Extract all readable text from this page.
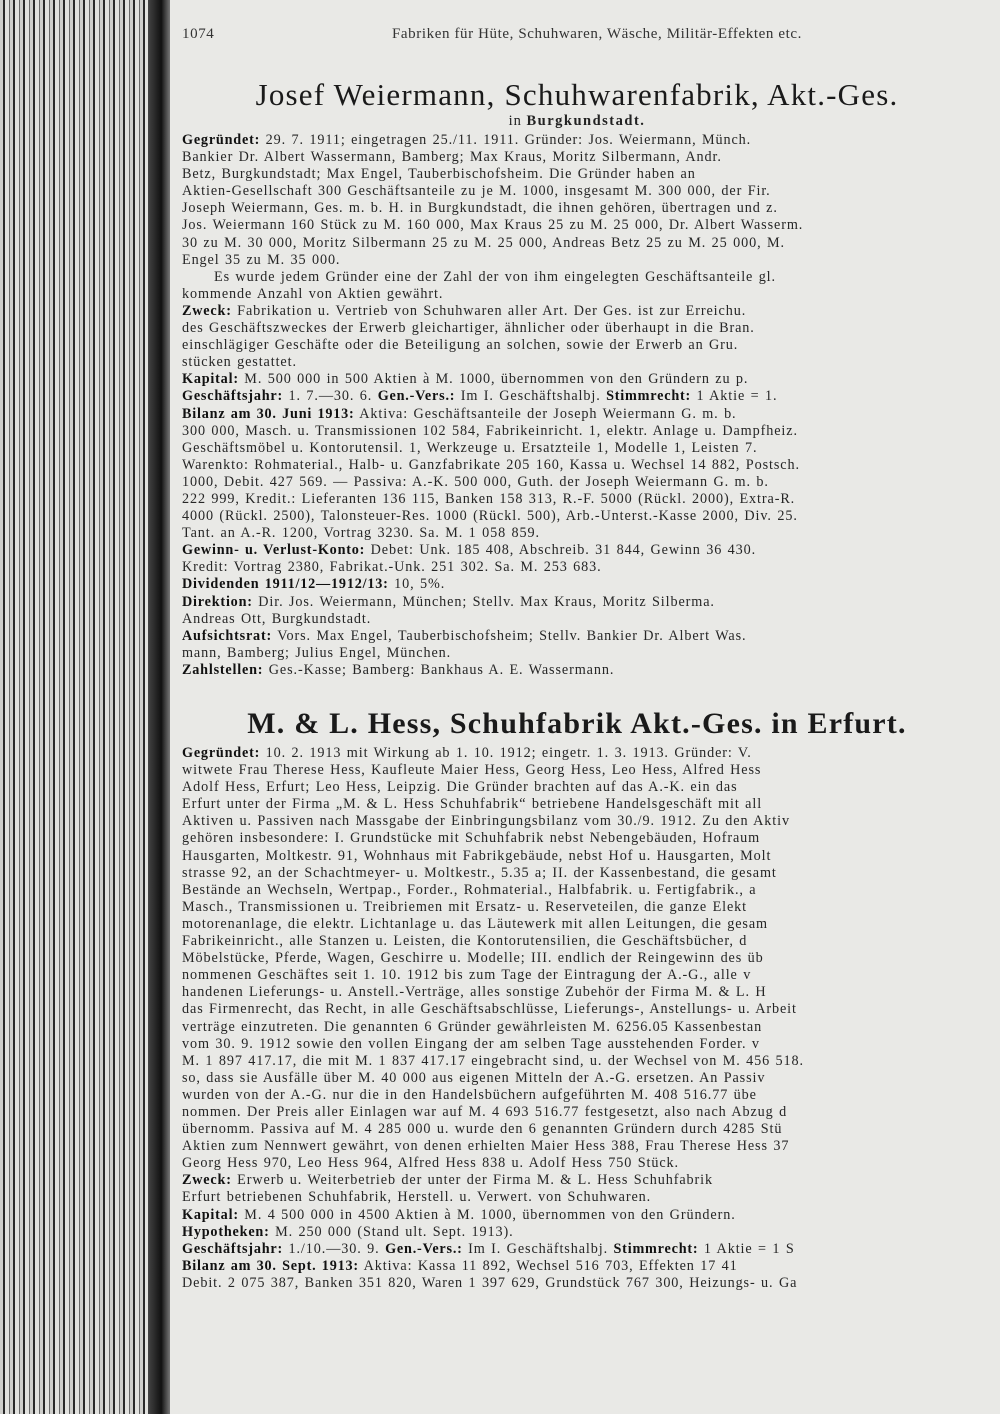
1074	Fabriken für Hüte, Schuhwaren, Wäsche, Militär-Effekten etc.
Josef Weiermann, Schuhwarenfabrik, Akt.-Ges.
in Burgkundstadt.

Gegründet: 29. 7. 1911; eingetragen 25./11. 1911. Gründer: Jos. Weiermann, Münch.

Bankier Dr. Albert Wassermann, Bamberg; Max Kraus, Moritz Silbermann, Andr.

Betz, Burgkundstadt; Max Engel, Tauberbischofsheim. Die Gründer haben an

Aktien-Gesellschaft 300 Geschäftsanteile zu je M. 1000, insgesamt M. 300 000, der Fir.

Joseph Weiermann, Ges. m. b. H. in Burgkundstadt, die ihnen gehören, übertragen und z.

Jos. Weiermann 160 Stück zu M. 160 000, Max Kraus 25 zu M. 25 000, Dr. Albert Wasserm.

30 zu M. 30 000, Moritz Silbermann 25 zu M. 25 000, Andreas Betz 25 zu M. 25 000, M.

Engel 35 zu M. 35 000.

Es wurde jedem Gründer eine der Zahl der von ihm eingelegten Geschäftsanteile gl.

kommende Anzahl von Aktien gewährt.

Zweck: Fabrikation u. Vertrieb von Schuhwaren aller Art. Der Ges. ist zur Erreichu.

des Geschäftszweckes der Erwerb gleichartiger, ähnlicher oder überhaupt in die Bran.

einschlägiger Geschäfte oder die Beteiligung an solchen, sowie der Erwerb an Gru.

stücken gestattet.

Kapital: M. 500 000 in 500 Aktien à M. 1000, übernommen von den Gründern zu p.

Geschäftsjahr: 1. 7.—30. 6. Gen.-Vers.: Im I. Geschäftshalbj. Stimmrecht: 1 Aktie = 1.

Bilanz am 30. Juni 1913: Aktiva: Geschäftsanteile der Joseph Weiermann G. m. b.

300 000, Masch. u. Transmissionen 102 584, Fabrikeinricht. 1, elektr. Anlage u. Dampfheiz.

Geschäftsmöbel u. Kontorutensil. 1, Werkzeuge u. Ersatzteile 1, Modelle 1, Leisten 7.

Warenkto: Rohmaterial., Halb- u. Ganzfabrikate 205 160, Kassa u. Wechsel 14 882, Postsch.

1000, Debit. 427 569. — Passiva: A.-K. 500 000, Guth. der Joseph Weiermann G. m. b.

222 999, Kredit.: Lieferanten 136 115, Banken 158 313, R.-F. 5000 (Rückl. 2000), Extra-R.

4000 (Rückl. 2500), Talonsteuer-Res. 1000 (Rückl. 500), Arb.-Unterst.-Kasse 2000, Div. 25.

Tant. an A.-R. 1200, Vortrag 3230. Sa. M. 1 058 859.

Gewinn- u. Verlust-Konto: Debet: Unk. 185 408, Abschreib. 31 844, Gewinn 36 430.

Kredit: Vortrag 2380, Fabrikat.-Unk. 251 302. Sa. M. 253 683.

Dividenden 1911/12—1912/13: 10, 5%.

Direktion: Dir. Jos. Weiermann, München; Stellv. Max Kraus, Moritz Silberma.

Andreas Ott, Burgkundstadt.

Aufsichtsrat: Vors. Max Engel, Tauberbischofsheim; Stellv. Bankier Dr. Albert Was.

mann, Bamberg; Julius Engel, München.

Zahlstellen: Ges.-Kasse; Bamberg: Bankhaus A. E. Wassermann.

M. & L. Hess, Schuhfabrik Akt.-Ges. in Erfurt.

Gegründet: 10. 2. 1913 mit Wirkung ab 1. 10. 1912; eingetr. 1. 3. 1913. Gründer: V.

witwete Frau Therese Hess, Kaufleute Maier Hess, Georg Hess, Leo Hess, Alfred Hess

Adolf Hess, Erfurt; Leo Hess, Leipzig. Die Gründer brachten auf das A.-K. ein das

Erfurt unter der Firma „M. & L. Hess Schuhfabrik“ betriebene Handelsgeschäft mit all

Aktiven u. Passiven nach Massgabe der Einbringungsbilanz vom 30./9. 1912. Zu den Aktiv

gehören insbesondere: I. Grundstücke mit Schuhfabrik nebst Nebengebäuden, Hofraum

Hausgarten, Moltkestr. 91, Wohnhaus mit Fabrikgebäude, nebst Hof u. Hausgarten, Molt

strasse 92, an der Schachtmeyer- u. Moltkestr., 5.35 a; II. der Kassenbestand, die gesamt

Bestände an Wechseln, Wertpap., Forder., Rohmaterial., Halbfabrik. u. Fertigfabrik., a

Masch., Transmissionen u. Treibriemen mit Ersatz- u. Reserveteilen, die ganze Elekt

motorenanlage, die elektr. Lichtanlage u. das Läutewerk mit allen Leitungen, die gesam

Fabrikeinricht., alle Stanzen u. Leisten, die Kontorutensilien, die Geschäftsbücher, d

Möbelstücke, Pferde, Wagen, Geschirre u. Modelle; III. endlich der Reingewinn des üb

nommenen Geschäftes seit 1. 10. 1912 bis zum Tage der Eintragung der A.-G., alle v

handenen Lieferungs- u. Anstell.-Verträge, alles sonstige Zubehör der Firma M. & L. H

das Firmenrecht, das Recht, in alle Geschäftsabschlüsse, Lieferungs-, Anstellungs- u. Arbeit

verträge einzutreten. Die genannten 6 Gründer gewährleisten M. 6256.05 Kassenbestan

vom 30. 9. 1912 sowie den vollen Eingang der am selben Tage ausstehenden Forder. v

M. 1 897 417.17, die mit M. 1 837 417.17 eingebracht sind, u. der Wechsel von M. 456 518.

so, dass sie Ausfälle über M. 40 000 aus eigenen Mitteln der A.-G. ersetzen. An Passiv

wurden von der A.-G. nur die in den Handelsbüchern aufgeführten M. 408 516.77 übe

nommen. Der Preis aller Einlagen war auf M. 4 693 516.77 festgesetzt, also nach Abzug d

übernomm. Passiva auf M. 4 285 000 u. wurde den 6 genannten Gründern durch 4285 Stü

Aktien zum Nennwert gewährt, von denen erhielten Maier Hess 388, Frau Therese Hess 37

Georg Hess 970, Leo Hess 964, Alfred Hess 838 u. Adolf Hess 750 Stück.

Zweck: Erwerb u. Weiterbetrieb der unter der Firma M. & L. Hess Schuhfabrik

Erfurt betriebenen Schuhfabrik, Herstell. u. Verwert. von Schuhwaren.

Kapital: M. 4 500 000 in 4500 Aktien à M. 1000, übernommen von den Gründern.

Hypotheken: M. 250 000 (Stand ult. Sept. 1913).

Geschäftsjahr: 1./10.—30. 9. Gen.-Vers.: Im I. Geschäftshalbj. Stimmrecht: 1 Aktie = 1 S

Bilanz am 30. Sept. 1913: Aktiva: Kassa 11 892, Wechsel 516 703, Effekten 17 41

Debit. 2 075 387, Banken 351 820, Waren 1 397 629, Grundstück 767 300, Heizungs- u. Ga
